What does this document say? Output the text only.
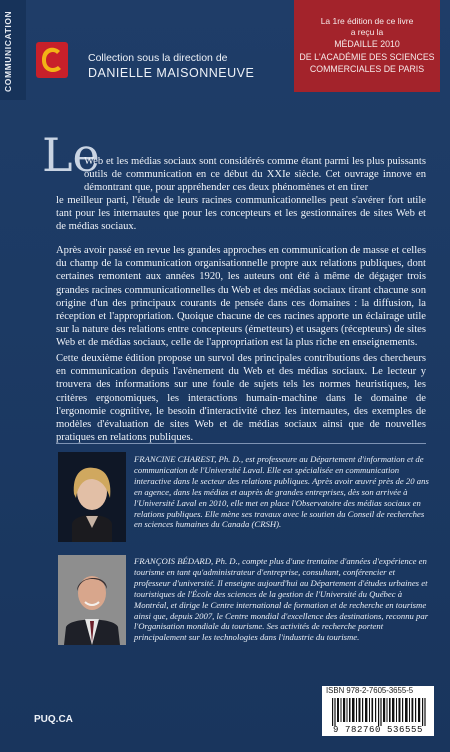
COMMUNICATION	Collection sous la direction de
DANIELLE MAISONNEUVE
La 1re édition de ce livre
a reçu la
MÉDAILLE 2010
DE L'ACADÉMIE DES SCIENCES
COMMERCIALES DE PARIS
Le
Web et les médias sociaux sont considérés comme étant parmi les plus puissants outils de communication en ce début du XXIe siècle. Cet ouvrage innove en démontrant que, pour appréhender ces deux phénomènes et en tirer
le meilleur parti, l'étude de leurs racines communicationnelles peut s'avérer fort utile tant pour les internautes que pour les concepteurs et les gestionnaires de sites Web et de médias sociaux.
Après avoir passé en revue les grandes approches en communication de masse et celles du champ de la communication organisationnelle propre aux relations publiques, dont certaines remontent aux années 1920, les auteurs ont été à même de dégager trois grandes racines communicationnelles du Web et des médias sociaux tirant chacune son origine d'un des principaux courants de pensée dans ces domaines : la diffusion, la réception et l'appropriation. Quoique chacune de ces racines apporte un éclairage utile sur la nature des relations entre concepteurs (émetteurs) et usagers (récepteurs) de sites Web et de médias sociaux, celle de l'appropriation est la plus riche en enseignements.
Cette deuxième édition propose un survol des principales contributions des chercheurs en communication depuis l'avènement du Web et des médias sociaux. Le lecteur y trouvera des informations sur une foule de sujets tels les normes heuristiques, les critères ergonomiques, les interactions humain-machine dans le domaine de l'ergonomie cognitive, le besoin d'interactivité chez les internautes, des exemples de modèles d'évaluation de sites Web et de médias sociaux ainsi que de nouvelles pratiques en relations publiques.
FRANCINE CHAREST, Ph. D., est professeure au Département d'information et de communication de l'Université Laval. Elle est spécialisée en communication interactive dans le secteur des relations publiques. Après avoir œuvré près de 20 ans en agence, dans les médias et auprès de grandes entreprises, dès son arrivée à l'Université Laval en 2010, elle met en place l'Observatoire des médias sociaux en relations publiques. Elle mène ses travaux avec le soutien du Conseil de recherches en sciences humaines du Canada (CRSH).
FRANÇOIS BÉDARD, Ph. D., compte plus d'une trentaine d'années d'expérience en tourisme en tant qu'administrateur d'entreprise, consultant, conférencier et professeur d'université. Il enseigne aujourd'hui au Département d'études urbaines et touristiques de l'École des sciences de la gestion de l'Université du Québec à Montréal, et dirige le Centre international de formation et de recherche en tourisme ainsi que, depuis 2007, le Centre mondial d'excellence des destinations, reconnu par l'Organisation mondiale du tourisme. Ses activités de recherche portent principalement sur les technologies dans l'industrie du tourisme.
PUQ.CA
ISBN 978-2-7605-3655-5
9 782760 536555
